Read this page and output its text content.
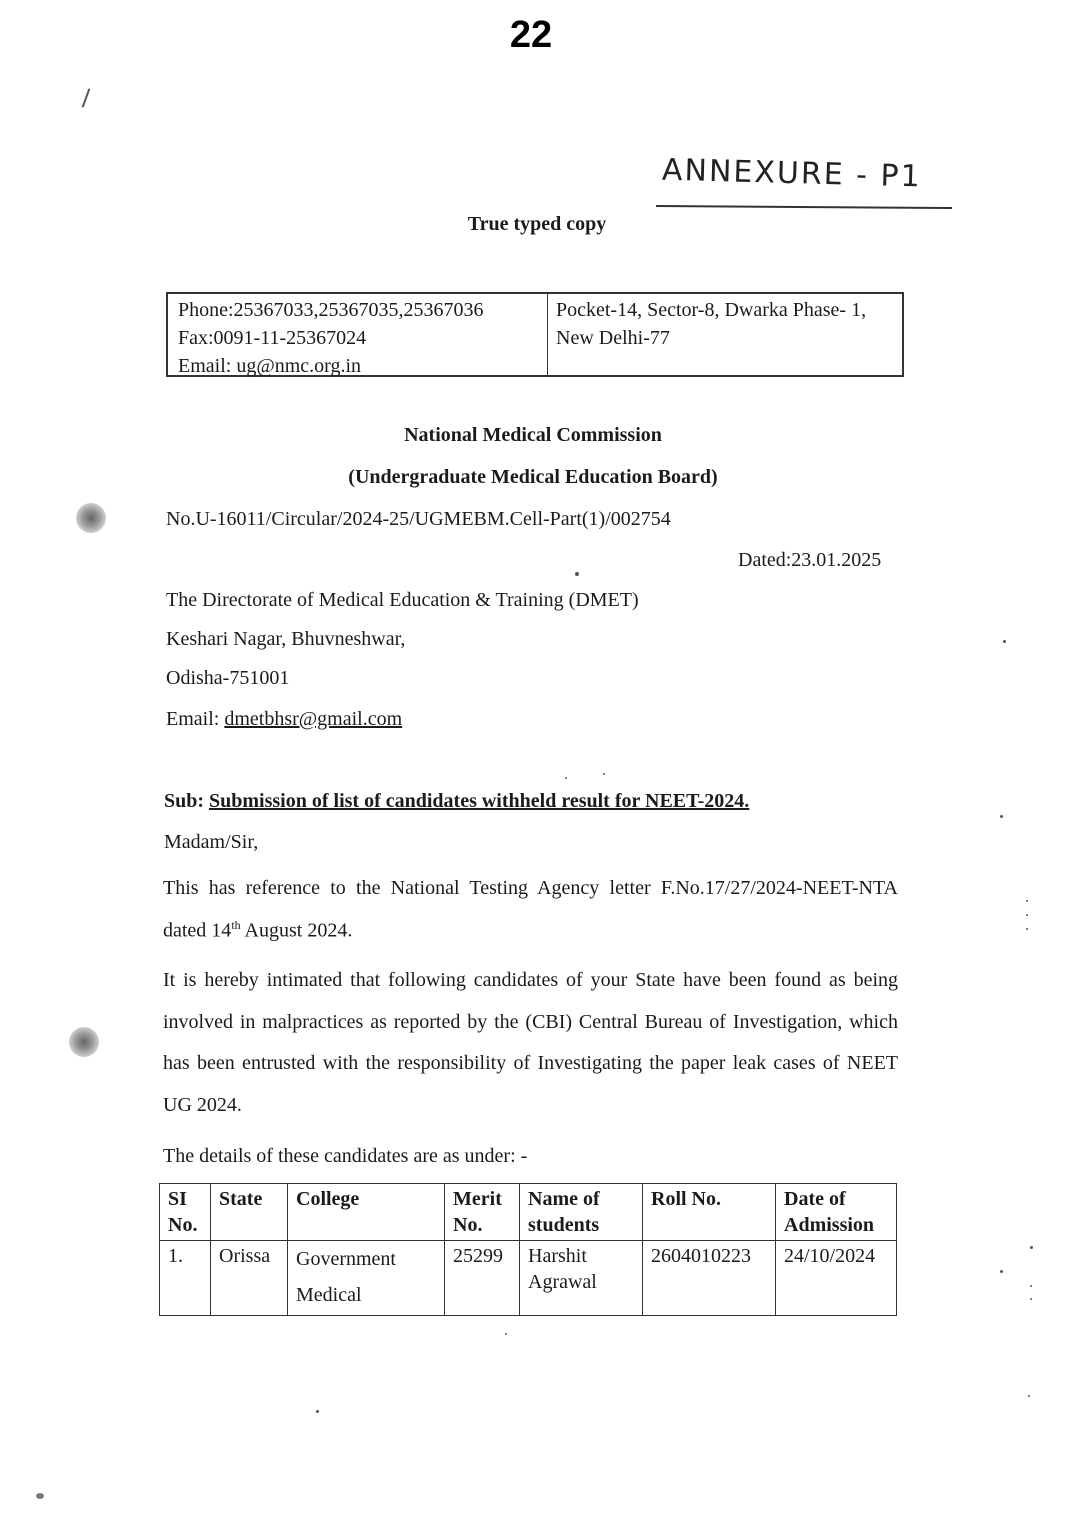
22
ANNEXURE - P1
True typed copy
Phone:25367033,25367035,25367036
Fax:0091-11-25367024
Email: ug@nmc.org.in
Pocket-14, Sector-8, Dwarka Phase- 1,
New Delhi-77
National Medical Commission
(Undergraduate Medical Education Board)
No.U-16011/Circular/2024-25/UGMEBM.Cell-Part(1)/002754
Dated:23.01.2025
The Directorate of Medical Education & Training (DMET)
Keshari Nagar, Bhuvneshwar,
Odisha-751001
Email: dmetbhsr@gmail.com
Sub: Submission of list of candidates withheld result for NEET-2024.
Madam/Sir,
This has reference to the National Testing Agency letter F.No.17/27/2024-NEET-NTA dated 14th August 2024.
It is hereby intimated that following candidates of your State have been found as being involved in malpractices as reported by the (CBI) Central Bureau of Investigation, which has been entrusted with the responsibility of Investigating the paper leak cases of NEET UG 2024.
The details of these candidates are as under: -
SI No.	State	College	Merit No.	Name of students	Roll No.	Date of Admission
1.	Orissa	Government Medical	25299	Harshit Agrawal	2604010223	24/10/2024
